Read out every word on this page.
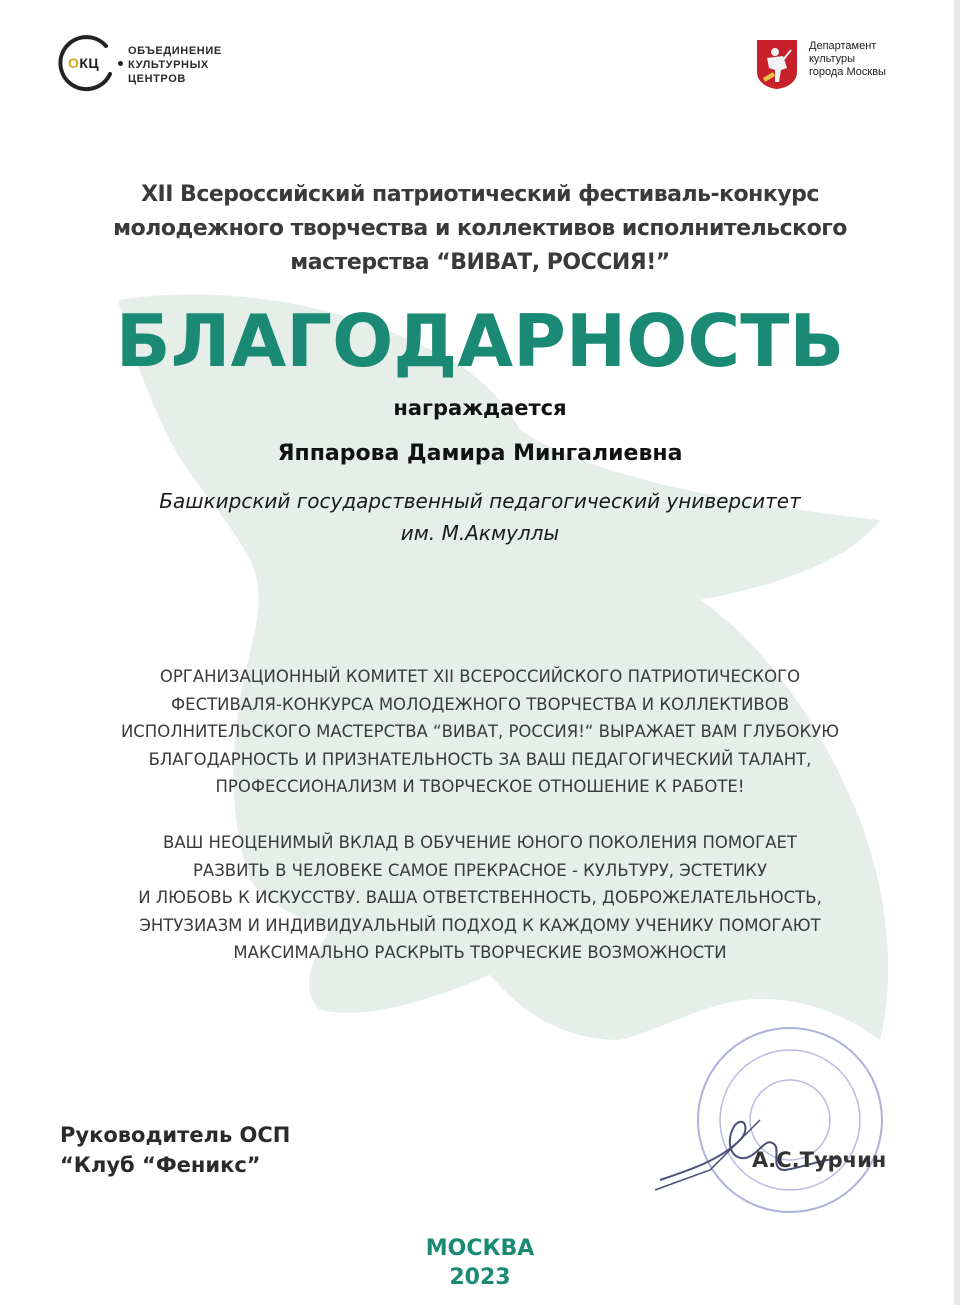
ОКЦ
ОБЪЕДИНЕНИЕ
КУЛЬТУРНЫХ
ЦЕНТРОВ
Департамент
культуры
города Москвы
XII Всероссийский патриотический фестиваль-конкурс
молодежного творчества и коллективов исполнительского
мастерства “ВИВАТ, РОССИЯ!”
БЛАГОДАРНОСТЬ
награждается
Яппарова Дамира Мингалиевна
Башкирский государственный педагогический университет
им. М.Акмуллы
ОРГАНИЗАЦИОННЫЙ КОМИТЕТ XII ВСЕРОССИЙСКОГО ПАТРИОТИЧЕСКОГО
ФЕСТИВАЛЯ-КОНКУРСА МОЛОДЕЖНОГО ТВОРЧЕСТВА И КОЛЛЕКТИВОВ
ИСПОЛНИТЕЛЬСКОГО МАСТЕРСТВА “ВИВАТ, РОССИЯ!“ ВЫРАЖАЕТ ВАМ ГЛУБОКУЮ
БЛАГОДАРНОСТЬ И ПРИЗНАТЕЛЬНОСТЬ ЗА ВАШ ПЕДАГОГИЧЕСКИЙ ТАЛАНТ,
ПРОФЕССИОНАЛИЗМ И ТВОРЧЕСКОЕ ОТНОШЕНИЕ К РАБОТЕ!
ВАШ НЕОЦЕНИМЫЙ ВКЛАД В ОБУЧЕНИЕ ЮНОГО ПОКОЛЕНИЯ ПОМОГАЕТ
РАЗВИТЬ В ЧЕЛОВЕКЕ САМОЕ ПРЕКРАСНОЕ - КУЛЬТУРУ, ЭСТЕТИКУ
И ЛЮБОВЬ К ИСКУССТВУ. ВАША ОТВЕТСТВЕННОСТЬ, ДОБРОЖЕЛАТЕЛЬНОСТЬ,
ЭНТУЗИАЗМ И ИНДИВИДУАЛЬНЫЙ ПОДХОД К КАЖДОМУ УЧЕНИКУ ПОМОГАЮТ
МАКСИМАЛЬНО РАСКРЫТЬ ТВОРЧЕСКИЕ ВОЗМОЖНОСТИ
Руководитель ОСП
“Клуб “Феникс”	А.С.Турчин
МОСКВА
2023
